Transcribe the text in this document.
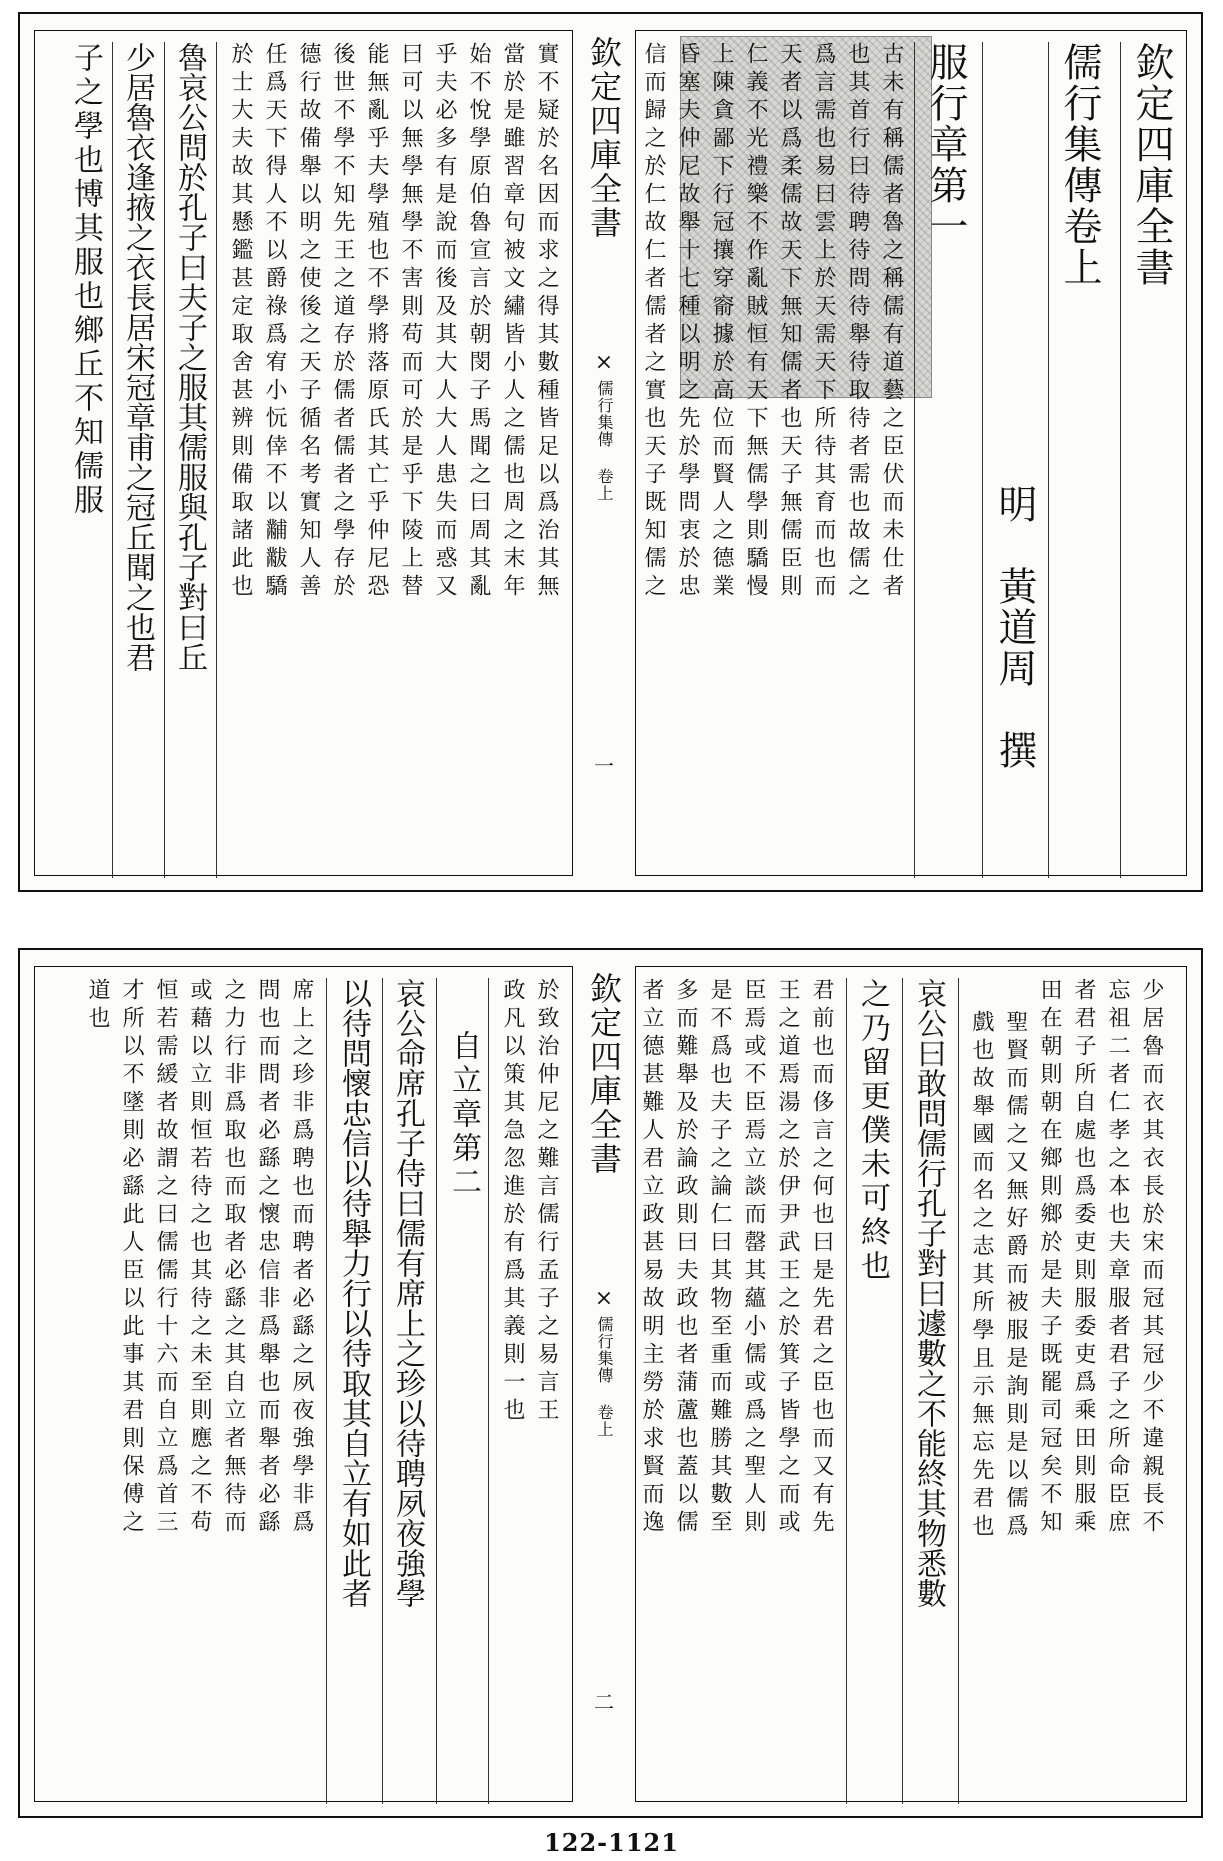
欽定四庫全書
儒行集傳卷上
明　黃道周　撰
服行章第一
古未有稱儒者魯之稱儒有道藝之臣伏而未仕者
也其首行曰待聘待問待舉待取待者需也故儒之
爲言需也易曰雲上於天需天下所待其育而也而
天者以爲柔儒故天下無知儒者也天子無儒臣則
仁義不光禮樂不作亂賊恒有天下無儒學則驕慢
上陳貪鄙下行冠攘穿窬據於高位而賢人之德業
昏塞夫仲尼故舉十七種以明之先於學問衷於忠
信而歸之於仁故仁者儒者之實也天子既知儒之
欽定四庫全書
⨯
儒行集傳 卷上
一
實不疑於名因而求之得其數種皆足以爲治其無
當於是雖習章句被文繡皆小人之儒也周之末年
始不悅學原伯魯宣言於朝閔子馬聞之曰周其亂
乎夫必多有是說而後及其大人大人患失而惑又
曰可以無學無學不害則苟而可於是乎下陵上替
能無亂乎夫學殖也不學將落原氏其亡乎仲尼恐
後世不學不知先王之道存於儒者儒者之學存於
德行故備舉以明之使後之天子循名考實知人善
任爲天下得人不以爵祿爲宥小忨倖不以黼黻驕
於士大夫故其懸鑑甚定取舍甚辨則備取諸此也
魯哀公問於孔子曰夫子之服其儒服與孔子對曰丘
少居魯衣逢掖之衣長居宋冠章甫之冠丘聞之也君
子之學也博其服也鄉丘不知儒服
少居魯而衣其衣長於宋而冠其冠少不違親長不
忘祖二者仁孝之本也夫章服者君子之所命臣庶
者君子所自處也爲委吏則服委吏爲乘田則服乘
田在朝則朝在鄉則鄉於是夫子既罷司冠矣不知
聖賢而儒之又無好爵而被服是詢則是以儒爲
戲也故舉國而名之志其所學且示無忘先君也
哀公曰敢問儒行孔子對曰遽數之不能終其物悉數
之乃留更僕未可終也
君前也而侈言之何也曰是先君之臣也而又有先
王之道焉湯之於伊尹武王之於箕子皆學之而或
臣焉或不臣焉立談而罄其蘊小儒或爲之聖人則
是不爲也夫子之論仁曰其物至重而難勝其數至
多而難舉及於論政則曰夫政也者蒲蘆也蓋以儒
者立德甚難人君立政甚易故明主勞於求賢而逸
欽定四庫全書
⨯
儒行集傳 卷上
二
於致治仲尼之難言儒行孟子之易言王
政凡以策其急忽進於有爲其義則一也
自立章第二
哀公命席孔子侍曰儒有席上之珍以待聘夙夜強學
以待問懷忠信以待舉力行以待取其自立有如此者
席上之珍非爲聘也而聘者必繇之夙夜強學非爲
問也而問者必繇之懷忠信非爲舉也而舉者必繇
之力行非爲取也而取者必繇之其自立者無待而
或藉以立則恒若待之也其待之未至則應之不苟
恒若需緩者故謂之曰儒儒行十六而自立爲首三
才所以不墜則必繇此人臣以此事其君則保傅之
道也
122-1121
